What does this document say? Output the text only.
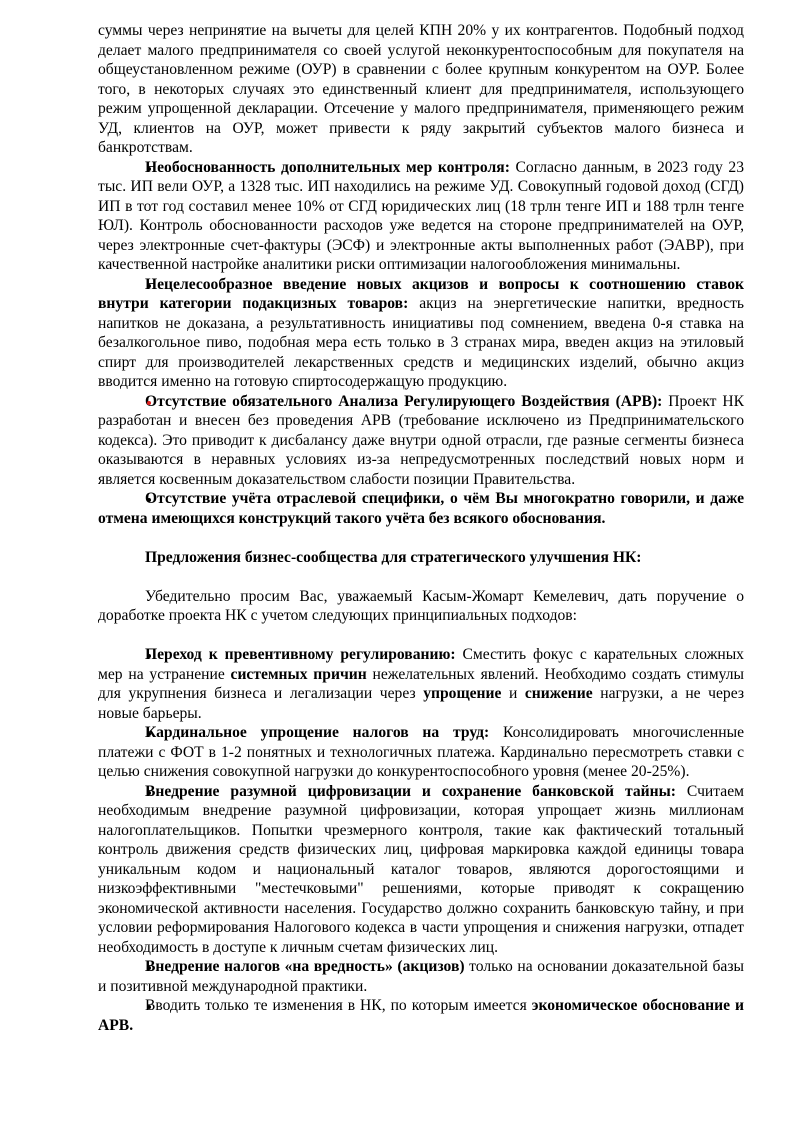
суммы через непринятие на вычеты для целей КПН 20% у их контрагентов. Подобный подход делает малого предпринимателя со своей услугой неконкурентоспособным для покупателя на общеустановленном режиме (ОУР) в сравнении с более крупным конкурентом на ОУР. Более того, в некоторых случаях это единственный клиент для предпринимателя, использующего режим упрощенной декларации. Отсечение у малого предпринимателя, применяющего режим УД, клиентов на ОУР, может привести к ряду закрытий субъектов малого бизнеса и банкротствам.

Необоснованность дополнительных мер контроля: Согласно данным, в 2023 году 23 тыс. ИП вели ОУР, а 1328 тыс. ИП находились на режиме УД. Совокупный годовой доход (СГД) ИП в тот год составил менее 10% от СГД юридических лиц (18 трлн тенге ИП и 188 трлн тенге ЮЛ). Контроль обоснованности расходов уже ведется на стороне предпринимателей на ОУР, через электронные счет-фактуры (ЭСФ) и электронные акты выполненных работ (ЭАВР), при качественной настройке аналитики риски оптимизации налогообложения минимальны.

Нецелесообразное введение новых акцизов и вопросы к соотношению ставок внутри категории подакцизных товаров: акциз на энергетические напитки, вредность напитков не доказана, а результативность инициативы под сомнением, введена 0-я ставка на безалкогольное пиво, подобная мера есть только в 3 странах мира, введен акциз на этиловый спирт для производителей лекарственных средств и медицинских изделий, обычно акциз вводится именно на готовую спиртосодержащую продукцию.

Отсутствие обязательного Анализа Регулирующего Воздействия (АРВ): Проект НК разработан и внесен без проведения АРВ (требование исключено из Предпринимательского кодекса). Это приводит к дисбалансу даже внутри одной отрасли, где разные сегменты бизнеса оказываются в неравных условиях из-за непредусмотренных последствий новых норм и является косвенным доказательством слабости позиции Правительства.

Отсутствие учёта отраслевой специфики, о чём Вы многократно говорили, и даже отмена имеющихся конструкций такого учёта без всякого обоснования.

Предложения бизнес-сообщества для стратегического улучшения НК:

Убедительно просим Вас, уважаемый Касым-Жомарт Кемелевич, дать поручение о доработке проекта НК с учетом следующих принципиальных подходов:

Переход к превентивному регулированию: Сместить фокус с карательных сложных мер на устранение системных причин нежелательных явлений. Необходимо создать стимулы для укрупнения бизнеса и легализации через упрощение и снижение нагрузки, а не через новые барьеры.

Кардинальное упрощение налогов на труд: Консолидировать многочисленные платежи с ФОТ в 1-2 понятных и технологичных платежа. Кардинально пересмотреть ставки с целью снижения совокупной нагрузки до конкурентоспособного уровня (менее 20-25%).

Внедрение разумной цифровизации и сохранение банковской тайны: Считаем необходимым внедрение разумной цифровизации, которая упрощает жизнь миллионам налогоплательщиков. Попытки чрезмерного контроля, такие как фактический тотальный контроль движения средств физических лиц, цифровая маркировка каждой единицы товара уникальным кодом и национальный каталог товаров, являются дорогостоящими и низкоэффективными "местечковыми" решениями, которые приводят к сокращению экономической активности населения. Государство должно сохранить банковскую тайну, и при условии реформирования Налогового кодекса в части упрощения и снижения нагрузки, отпадет необходимость в доступе к личным счетам физических лиц.

Внедрение налогов «на вредность» (акцизов) только на основании доказательной базы и позитивной международной практики.

Вводить только те изменения в НК, по которым имеется экономическое обоснование и АРВ.
